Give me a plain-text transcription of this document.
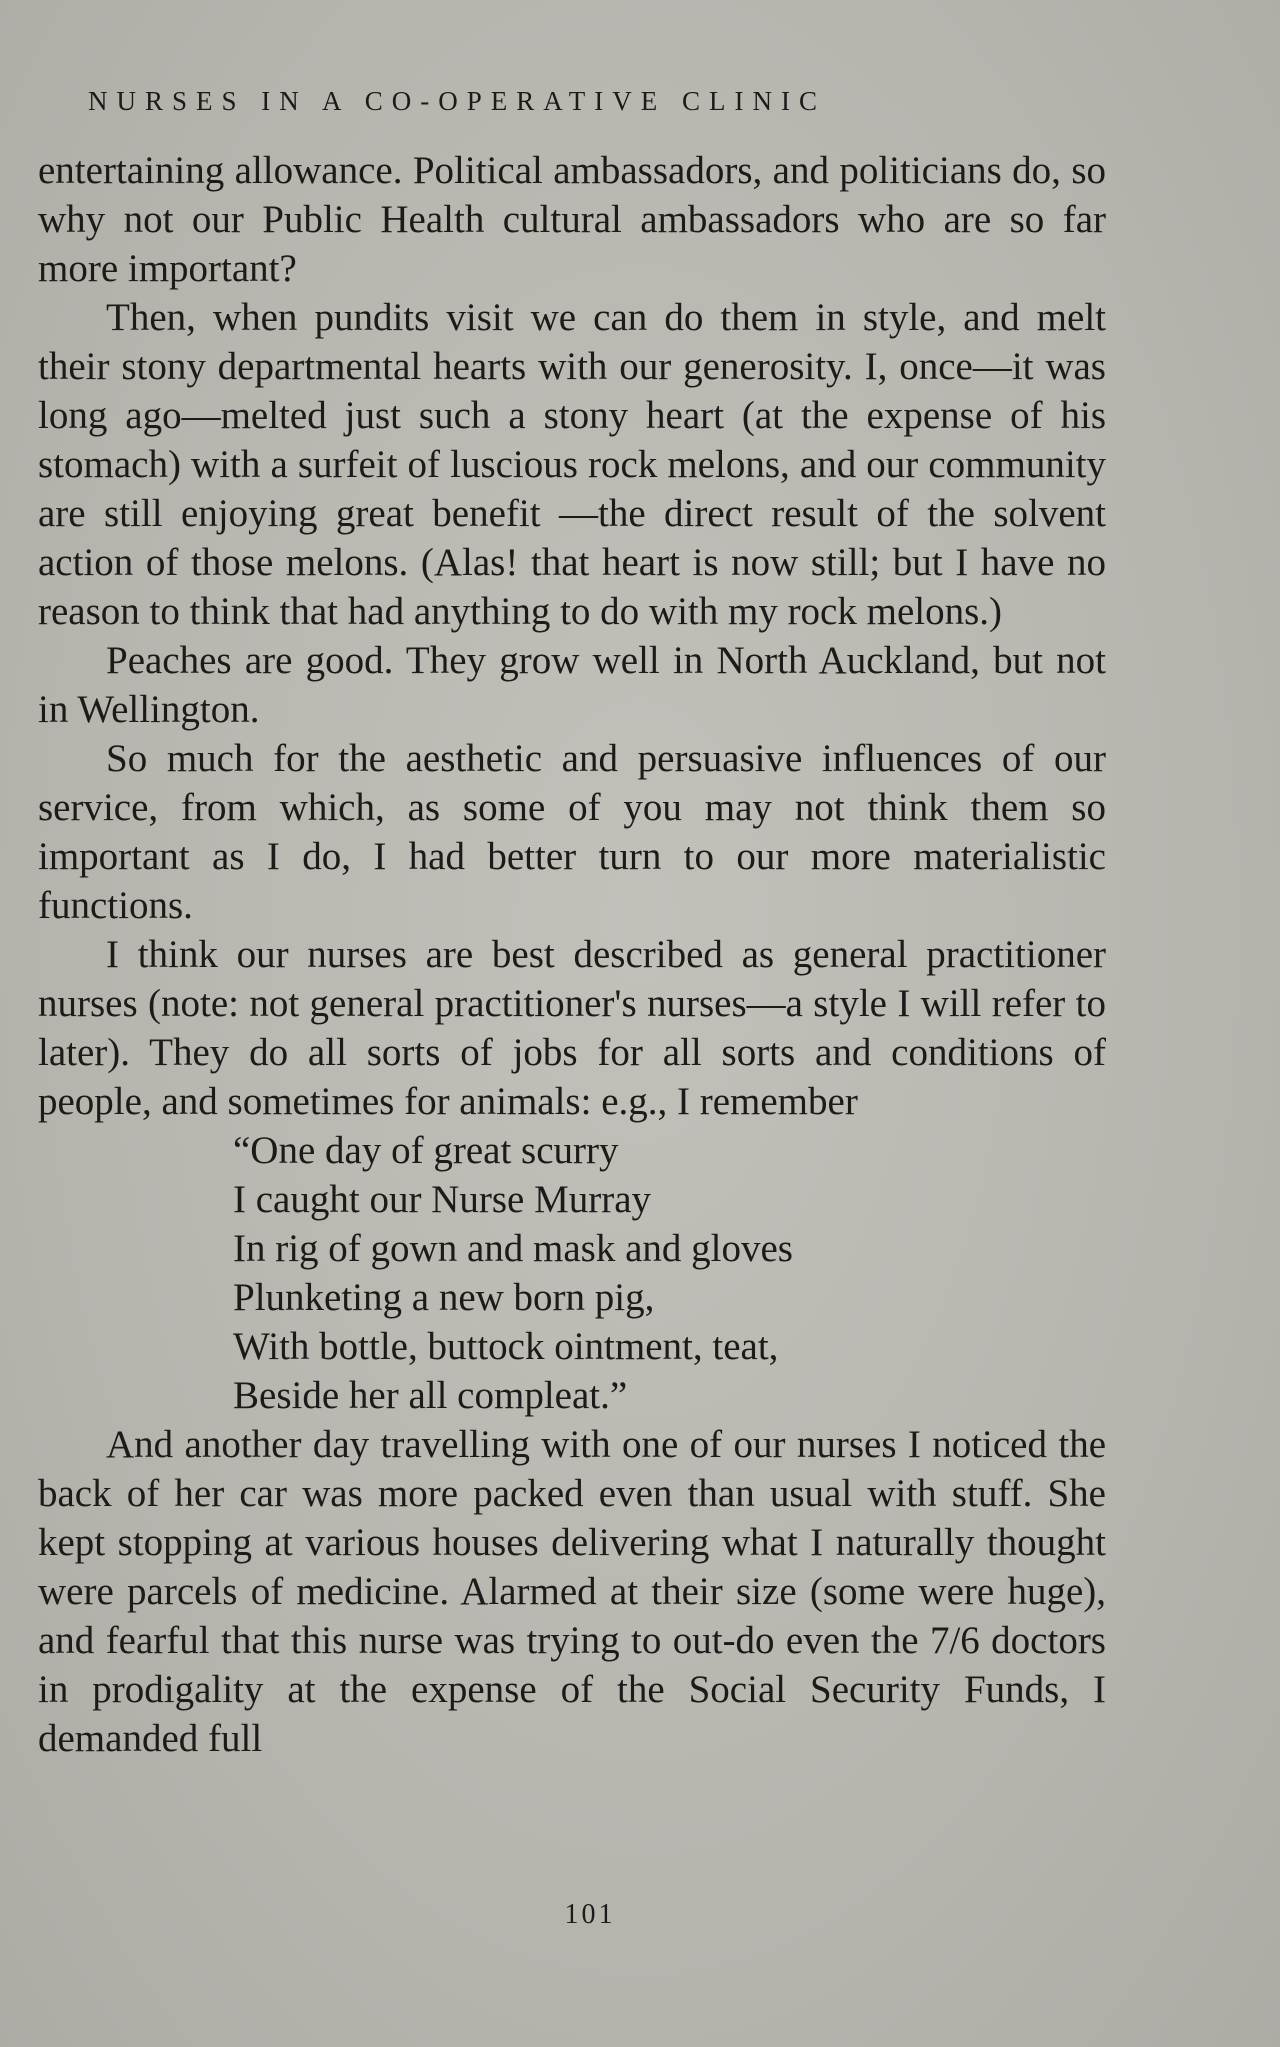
NURSES IN A CO-OPERATIVE CLINIC

entertaining allowance. Political ambassadors, and politicians do, so why not our Public Health cultural ambassadors who are so far more important?

Then, when pundits visit we can do them in style, and melt their stony departmental hearts with our generosity. I, once—it was long ago—melted just such a stony heart (at the expense of his stomach) with a surfeit of luscious rock melons, and our community are still enjoying great benefit —the direct result of the solvent action of those melons. (Alas! that heart is now still; but I have no reason to think that had anything to do with my rock melons.)

Peaches are good. They grow well in North Auckland, but not in Wellington.

So much for the aesthetic and persuasive influences of our service, from which, as some of you may not think them so important as I do, I had better turn to our more materialistic functions.

I think our nurses are best described as general practitioner nurses (note: not general practitioner's nurses—a style I will refer to later). They do all sorts of jobs for all sorts and conditions of people, and sometimes for animals: e.g., I remember

“One day of great scurry
I caught our Nurse Murray
In rig of gown and mask and gloves
Plunketing a new born pig,
With bottle, buttock ointment, teat,
Beside her all compleat.”

And another day travelling with one of our nurses I noticed the back of her car was more packed even than usual with stuff. She kept stopping at various houses delivering what I naturally thought were parcels of medicine. Alarmed at their size (some were huge), and fearful that this nurse was trying to out-do even the 7/6 doctors in prodigality at the expense of the Social Security Funds, I demanded full

101
